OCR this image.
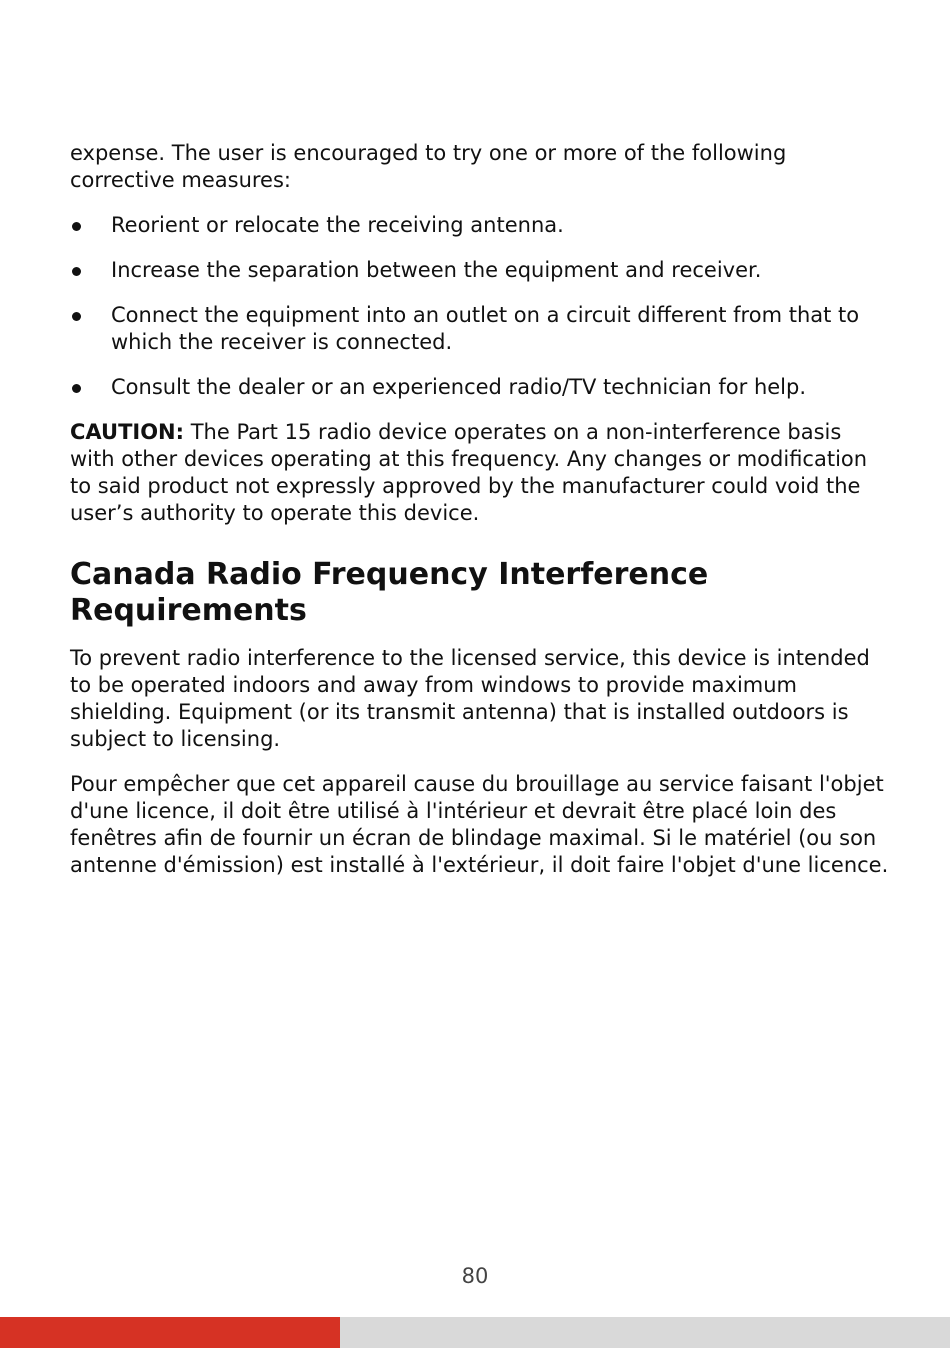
expense. The user is encouraged to try one or more of the following corrective measures:

Reorient or relocate the receiving antenna.

Increase the separation between the equipment and receiver.

Connect the equipment into an outlet on a circuit different from that to which the receiver is connected.

Consult the dealer or an experienced radio/TV technician for help.

CAUTION: The Part 15 radio device operates on a non-interference basis with other devices operating at this frequency. Any changes or modification to said product not expressly approved by the manufacturer could void the user’s authority to operate this device.

Canada Radio Frequency Interference Requirements

To prevent radio interference to the licensed service, this device is intended to be operated indoors and away from windows to provide maximum shielding. Equipment (or its transmit antenna) that is installed outdoors is subject to licensing.

Pour empêcher que cet appareil cause du brouillage au service faisant l'objet d'une licence, il doit être utilisé à l'intérieur et devrait être placé loin des fenêtres afin de fournir un écran de blindage maximal. Si le matériel (ou son antenne d'émission) est installé à l'extérieur, il doit faire l'objet d'une licence.

80
